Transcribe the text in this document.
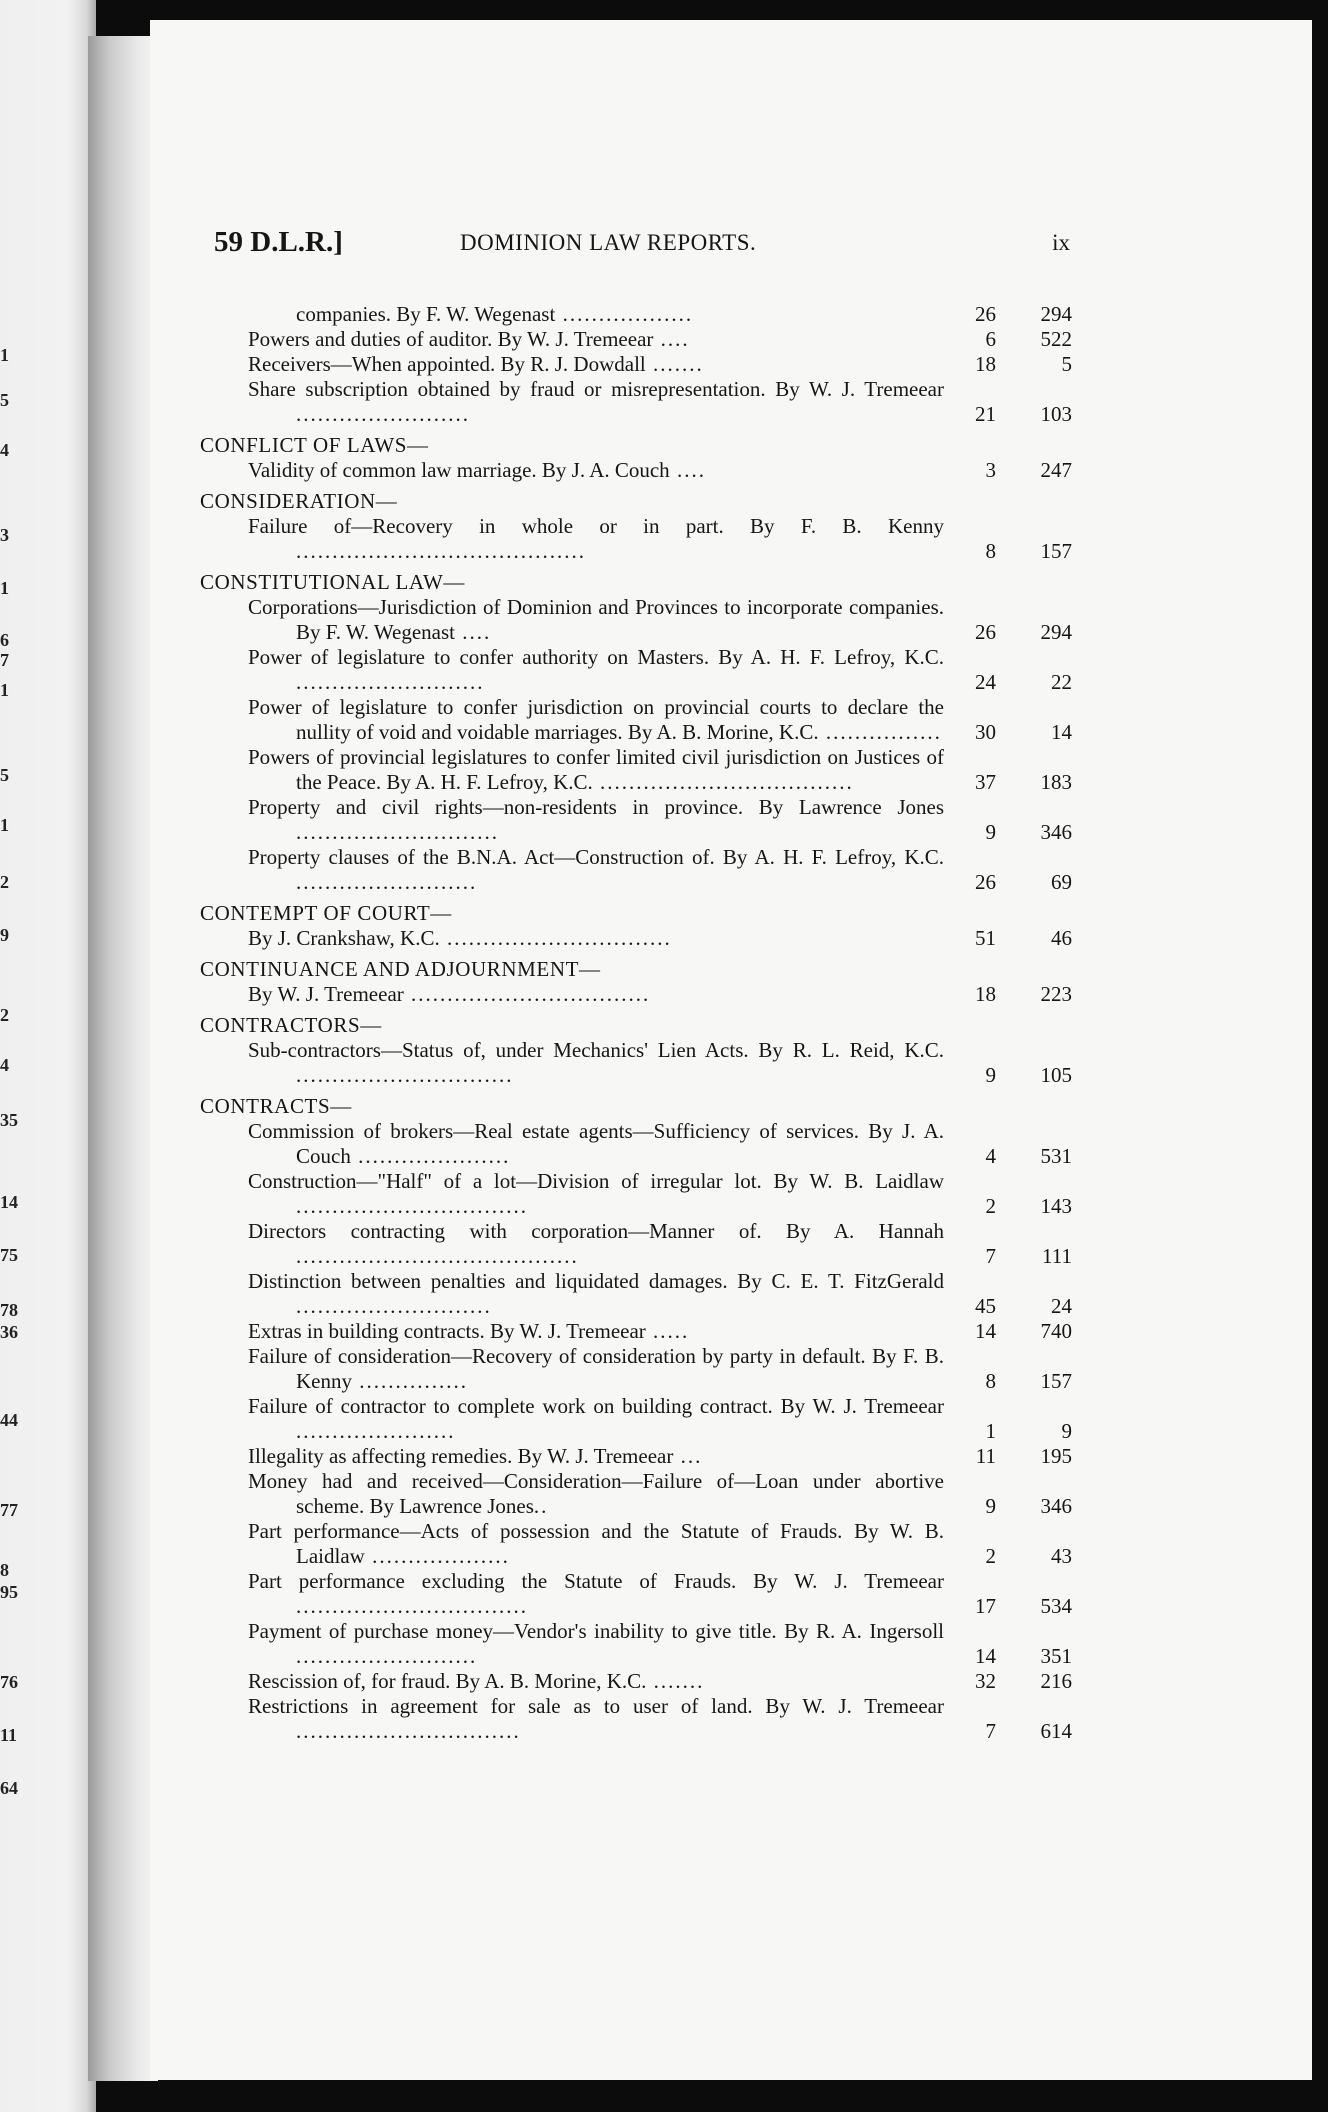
1
5
4
3
1
6
7
1
5
1
2
9
2
4
35
14
75
78
36
44
77
8
95
76
11
64
59 D.L.R.]	DOMINION LAW REPORTS.	ix
companies. By F. W. Wegenast ..................	26	294
Powers and duties of auditor. By W. J. Tremeear ....	6	522
Receivers—When appointed. By R. J. Dowdall .......	18	5
Share subscription obtained by fraud or misrepresentation. By W. J. Tremeear ........................	21	103
CONFLICT OF LAWS—
Validity of common law marriage. By J. A. Couch ....	3	247
CONSIDERATION—
Failure of—Recovery in whole or in part. By F. B. Kenny ........................................	8	157
CONSTITUTIONAL LAW—
Corporations—Jurisdiction of Dominion and Provinces to incorporate companies. By F. W. Wegenast ....	26	294
Power of legislature to confer authority on Masters. By A. H. F. Lefroy, K.C. ..........................	24	22
Power of legislature to confer jurisdiction on provincial courts to declare the nullity of void and voidable marriages. By A. B. Morine, K.C. ................	30	14
Powers of provincial legislatures to confer limited civil jurisdiction on Justices of the Peace. By A. H. F. Lefroy, K.C. ...................................	37	183
Property and civil rights—non-residents in province. By Lawrence Jones ............................	9	346
Property clauses of the B.N.A. Act—Construction of. By A. H. F. Lefroy, K.C. .........................	26	69
CONTEMPT OF COURT—
By J. Crankshaw, K.C. ...............................	51	46
CONTINUANCE AND ADJOURNMENT—
By W. J. Tremeear .................................	18	223
CONTRACTORS—
Sub-contractors—Status of, under Mechanics' Lien Acts. By R. L. Reid, K.C. ..............................	9	105
CONTRACTS—
Commission of brokers—Real estate agents—Sufficiency of services. By J. A. Couch .....................	4	531
Construction—"Half" of a lot—Division of irregular lot. By W. B. Laidlaw ................................	2	143
Directors contracting with corporation—Manner of. By A. Hannah .......................................	7	111
Distinction between penalties and liquidated damages. By C. E. T. FitzGerald ...........................	45	24
Extras in building contracts. By W. J. Tremeear .....	14	740
Failure of consideration—Recovery of consideration by party in default. By F. B. Kenny ...............	8	157
Failure of contractor to complete work on building contract. By W. J. Tremeear ......................	1	9
Illegality as affecting remedies. By W. J. Tremeear ...	11	195
Money had and received—Consideration—Failure of—Loan under abortive scheme. By Lawrence Jones..	9	346
Part performance—Acts of possession and the Statute of Frauds. By W. B. Laidlaw ...................	2	43
Part performance excluding the Statute of Frauds. By W. J. Tremeear ................................	17	534
Payment of purchase money—Vendor's inability to give title. By R. A. Ingersoll .........................	14	351
Rescission of, for fraud. By A. B. Morine, K.C. .......	32	216
Restrictions in agreement for sale as to user of land. By W. J. Tremeear ...............................	7	614
